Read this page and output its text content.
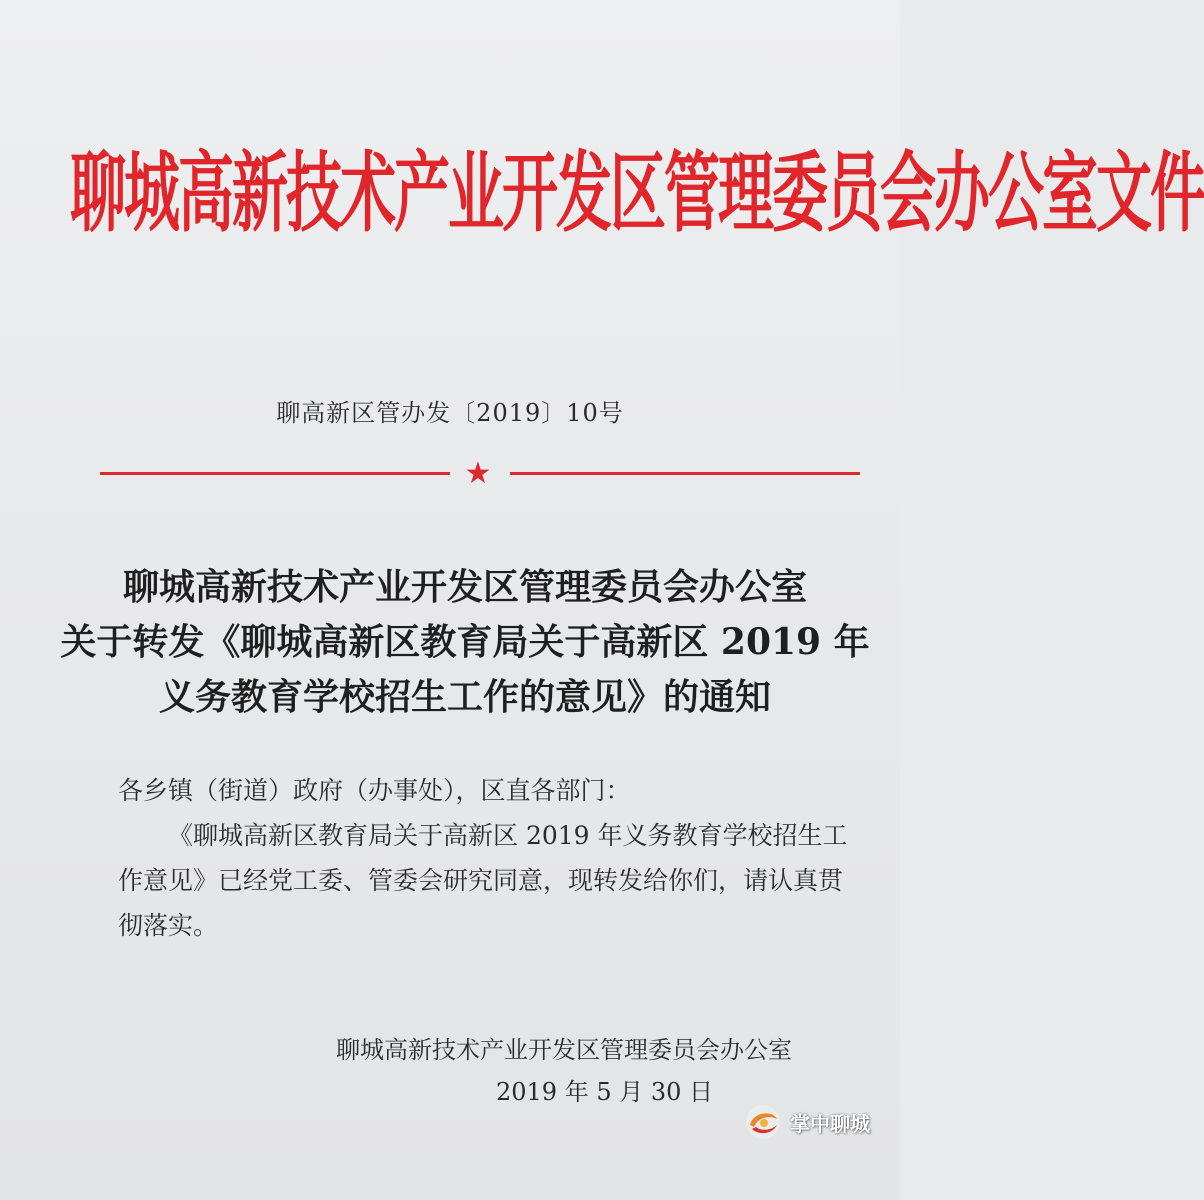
聊城高新技术产业开发区管理委员会办公室文件
聊高新区管办发〔2019〕10号
★
聊城高新技术产业开发区管理委员会办公室
关于转发《聊城高新区教育局关于高新区 2019 年
义务教育学校招生工作的意见》的通知
各乡镇（街道）政府（办事处），区直各部门：
《聊城高新区教育局关于高新区 2019 年义务教育学校招生工作意见》已经党工委、管委会研究同意，现转发给你们，请认真贯彻落实。
聊城高新技术产业开发区管理委员会办公室
2019 年 5 月 30 日
掌中聊城
